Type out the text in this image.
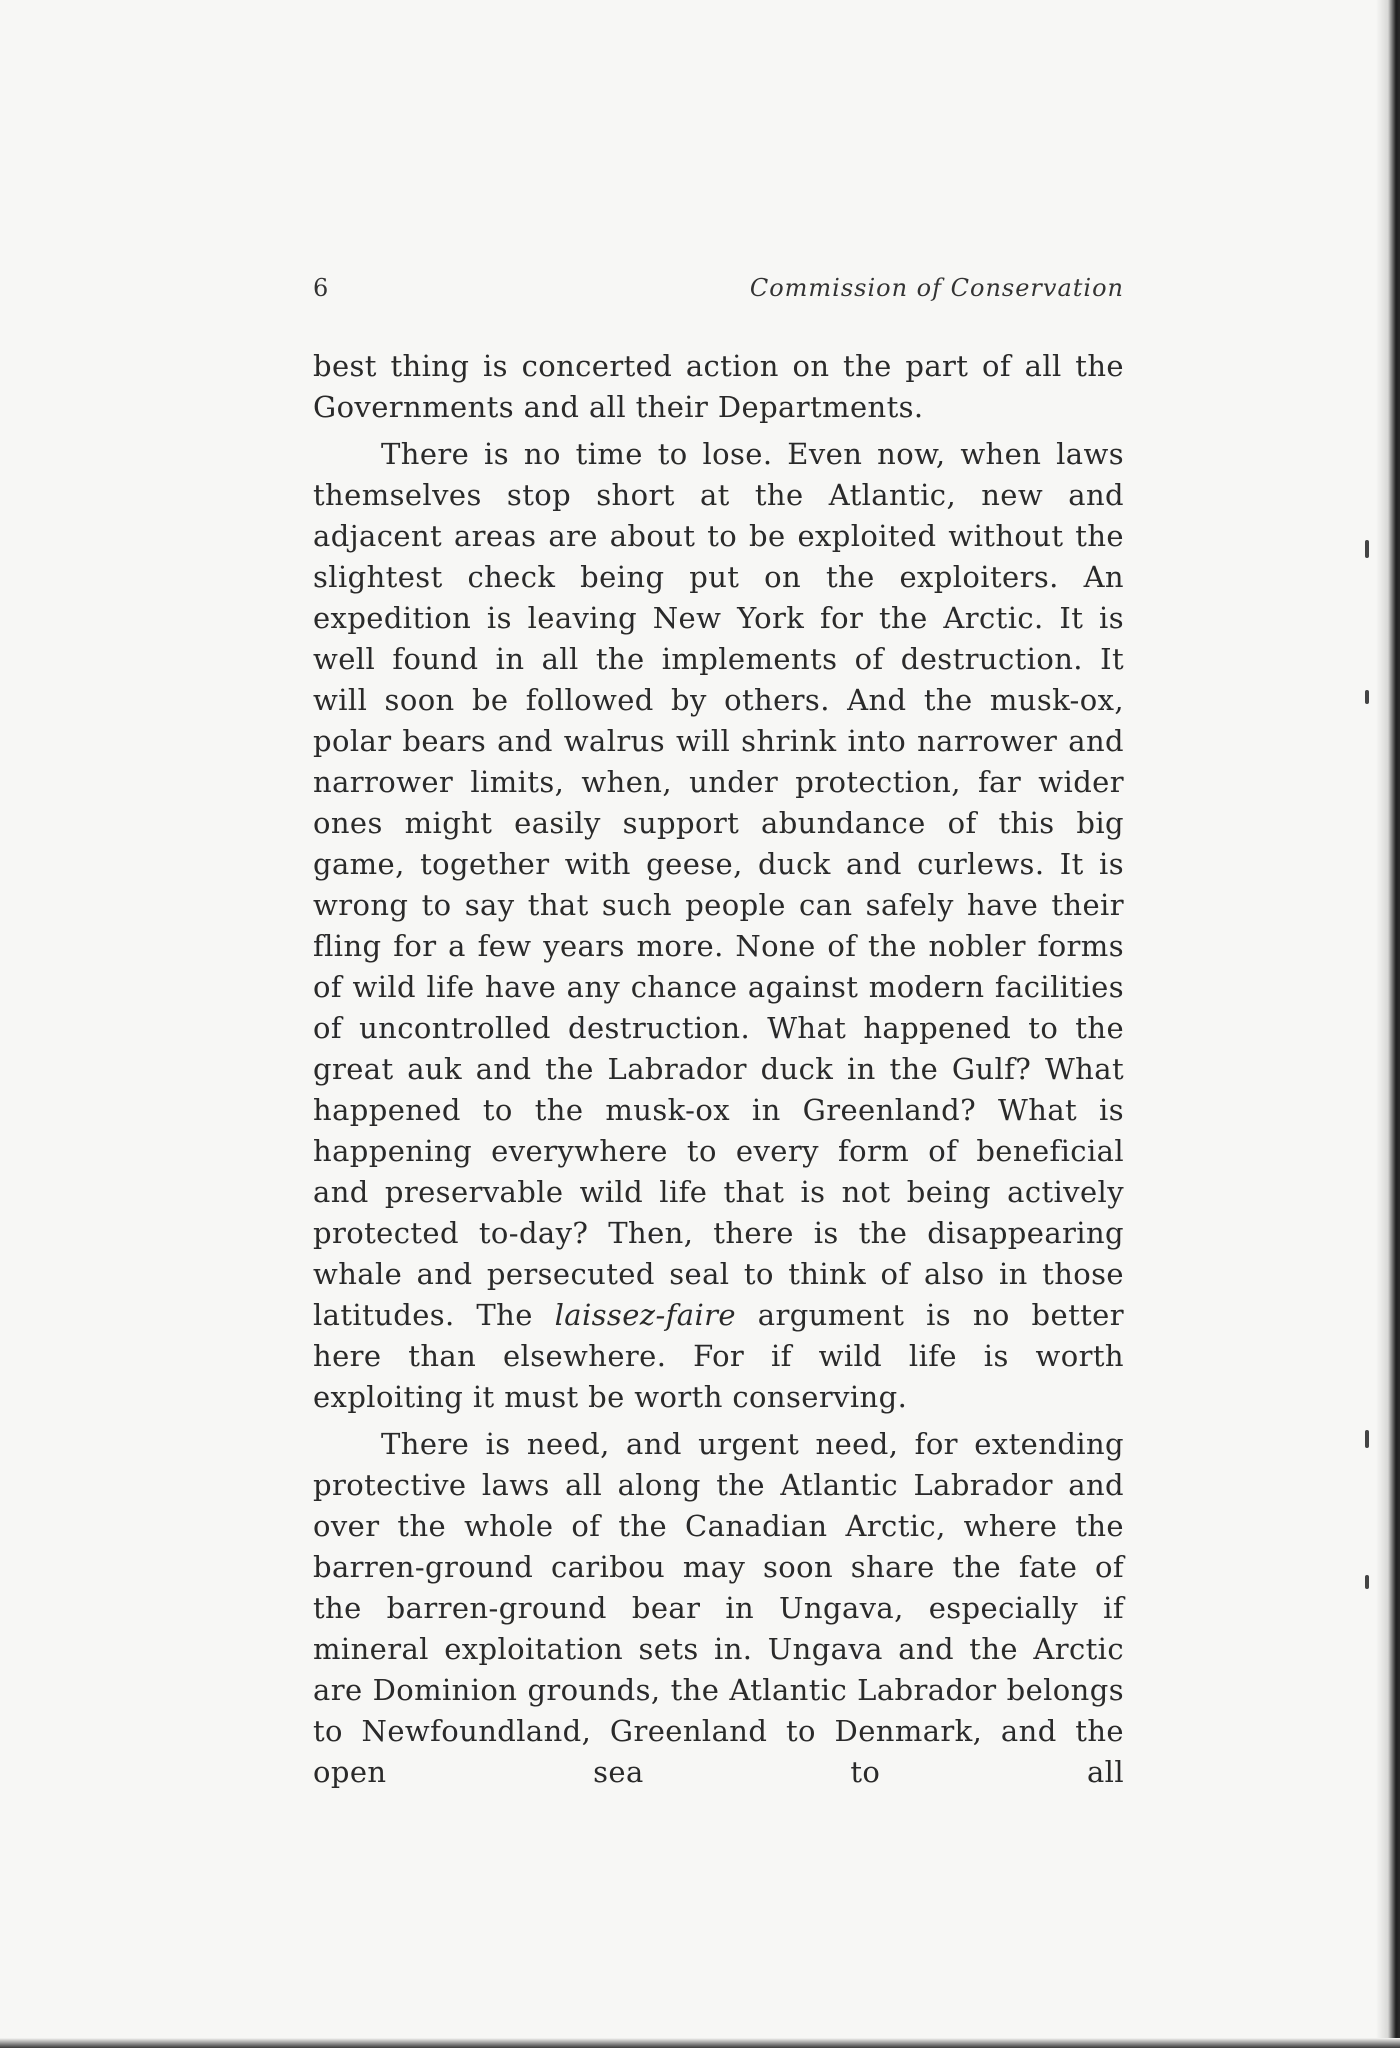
6	Commission of Conservation

best thing is concerted action on the part of all the Governments and all their Departments.

There is no time to lose. Even now, when laws themselves stop short at the Atlantic, new and adjacent areas are about to be exploited without the slightest check being put on the exploiters. An expedition is leaving New York for the Arctic. It is well found in all the implements of destruction. It will soon be followed by others. And the musk-ox, polar bears and walrus will shrink into narrower and narrower limits, when, under protection, far wider ones might easily support abundance of this big game, together with geese, duck and curlews. It is wrong to say that such people can safely have their fling for a few years more. None of the nobler forms of wild life have any chance against modern facilities of uncontrolled destruction. What happened to the great auk and the Labrador duck in the Gulf? What happened to the musk-ox in Greenland? What is happening everywhere to every form of beneficial and preservable wild life that is not being actively protected to-day? Then, there is the disappearing whale and persecuted seal to think of also in those latitudes. The laissez-faire argument is no better here than elsewhere. For if wild life is worth exploiting it must be worth conserving.

There is need, and urgent need, for extending protective laws all along the Atlantic Labrador and over the whole of the Canadian Arctic, where the barren-ground caribou may soon share the fate of the barren-ground bear in Ungava, especially if mineral exploitation sets in. Ungava and the Arctic are Dominion grounds, the Atlantic Labrador belongs to Newfoundland, Greenland to Denmark, and the open sea to all
